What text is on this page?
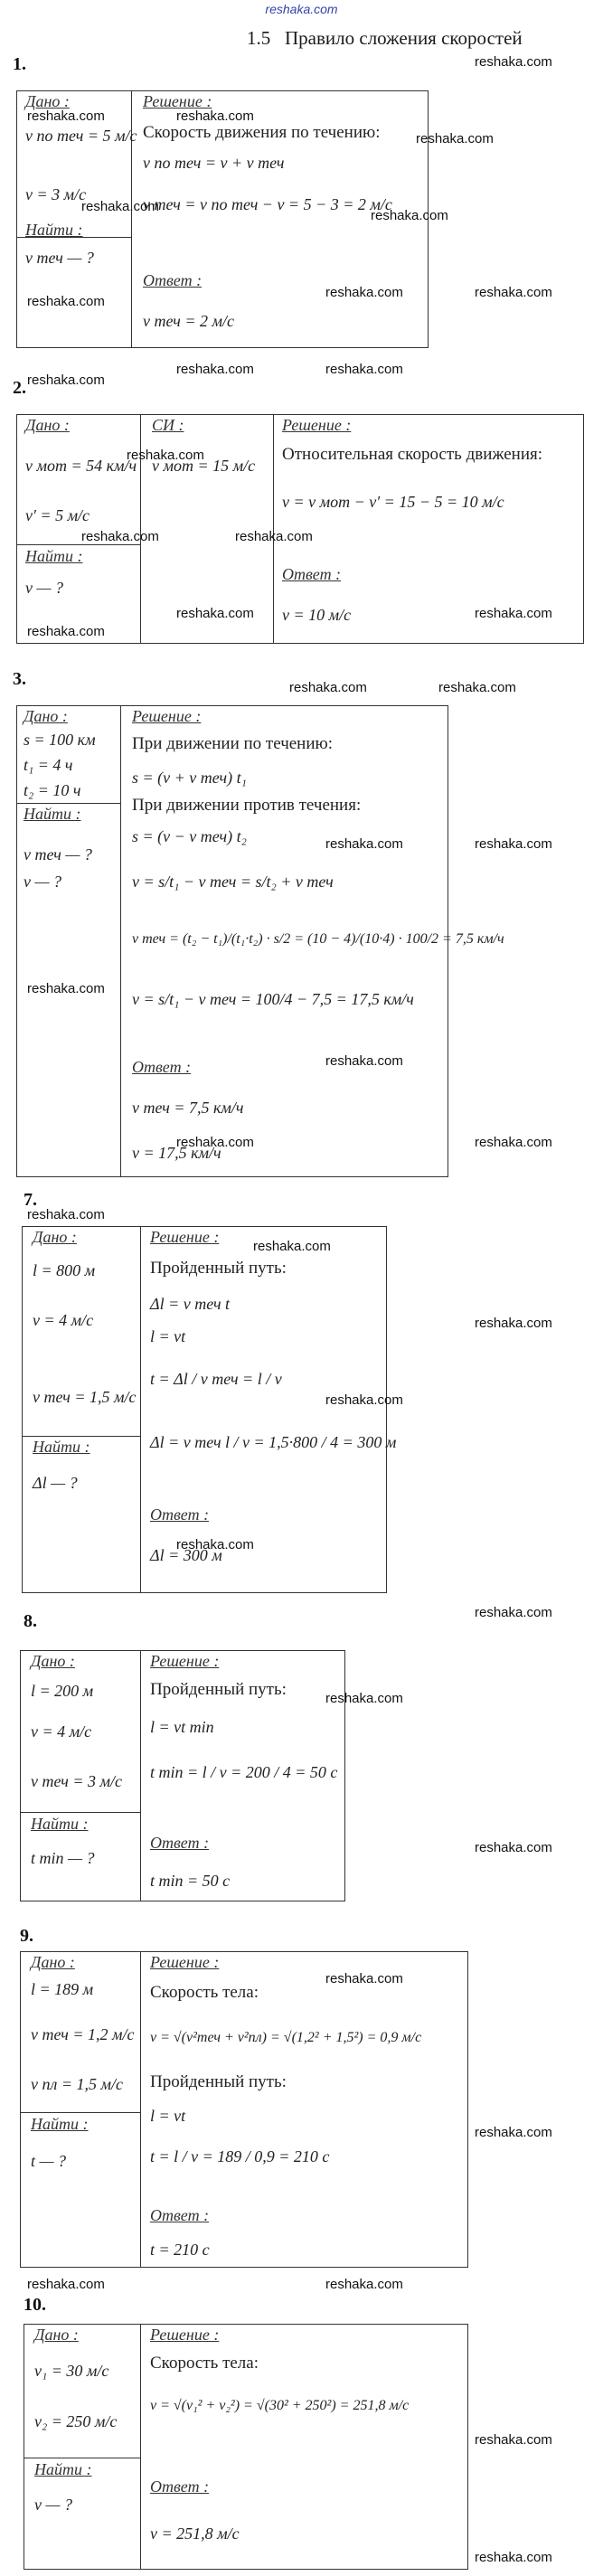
reshaka.com
1.5 Правило сложения скоростей
1.
Дано :
v по теч = 5 м/с
v = 3 м/с
Найти :
v теч — ?
Решение :
Скорость движения по течению:
v по теч = v + v теч
v теч = v по теч − v = 5 − 3 = 2 м/с
Ответ :
v теч = 2 м/с
2.
Дано :
v мот = 54 км/ч
v′ = 5 м/с
Найти :
v — ?
СИ :
v мот = 15 м/с
Решение :
Относительная скорость движения:
v = v мот − v′ = 15 − 5 = 10 м/с
Ответ :
v = 10 м/с
3.
Дано :
s = 100 км
t₁ = 4 ч
t₂ = 10 ч
Найти :
v теч — ?
v — ?
Решение :
При движении по течению:
s = (v + v теч) t₁
При движении против течения:
s = (v − v теч) t₂
v = s/t₁ − v теч = s/t₂ + v теч
v теч = (t₂ − t₁)/(t₁·t₂) · s/2 = (10 − 4)/(10·4) · 100/2 = 7,5 км/ч
v = s/t₁ − v теч = 100/4 − 7,5 = 17,5 км/ч
Ответ :
v теч = 7,5 км/ч
v = 17,5 км/ч
7.
Дано :
l = 800 м
v = 4 м/с
v теч = 1,5 м/с
Найти :
Δl — ?
Решение :
Пройденный путь:
Δl = v теч t
l = vt
t = Δl / v теч = l / v
Δl = v теч l / v = 1,5·800 / 4 = 300 м
Ответ :
Δl = 300 м
8.
Дано :
l = 200 м
v = 4 м/с
v теч = 3 м/с
Найти :
t min — ?
Решение :
Пройденный путь:
l = vt min
t min = l / v = 200 / 4 = 50 с
Ответ :
t min = 50 с
9.
Дано :
l = 189 м
v теч = 1,2 м/с
v пл = 1,5 м/с
Найти :
t — ?
Решение :
Скорость тела:
v = √(v²теч + v²пл) = √(1,2² + 1,5²) = 0,9 м/с
Пройденный путь:
l = vt
t = l / v = 189 / 0,9 = 210 с
Ответ :
t = 210 с
10.
Дано :
v₁ = 30 м/с
v₂ = 250 м/с
Найти :
v — ?
Решение :
Скорость тела:
v = √(v₁² + v₂²) = √(30² + 250²) = 251,8 м/с
Ответ :
v = 251,8 м/с
reshaka.com
reshaka.com	reshaka.com
reshaka.com
reshaka.com
reshaka.com
reshaka.com
reshaka.com
reshaka.com
reshaka.com
reshaka.com	reshaka.com
reshaka.com
reshaka.com	reshaka.com
reshaka.com	reshaka.com
reshaka.com
reshaka.com	reshaka.com
reshaka.com	reshaka.com
reshaka.com
reshaka.com
reshaka.com	reshaka.com
reshaka.com
reshaka.com
reshaka.com
reshaka.com
reshaka.com
reshaka.com
reshaka.com
reshaka.com
reshaka.com
reshaka.com
reshaka.com	reshaka.com
reshaka.com
reshaka.com
